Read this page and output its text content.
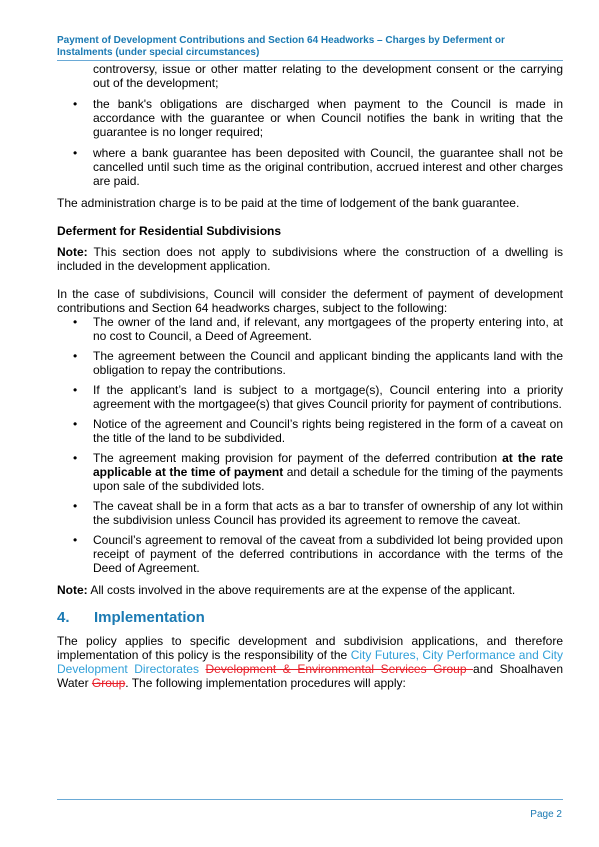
Payment of Development Contributions and Section 64 Headworks – Charges by Deferment or Instalments (under special circumstances)
controversy, issue or other matter relating to the development consent or the carrying out of the development;
• the bank's obligations are discharged when payment to the Council is made in accordance with the guarantee or when Council notifies the bank in writing that the guarantee is no longer required;
• where a bank guarantee has been deposited with Council, the guarantee shall not be cancelled until such time as the original contribution, accrued interest and other charges are paid.

The administration charge is to be paid at the time of lodgement of the bank guarantee.

Deferment for Residential Subdivisions

Note: This section does not apply to subdivisions where the construction of a dwelling is included in the development application.

In the case of subdivisions, Council will consider the deferment of payment of development contributions and Section 64 headworks charges, subject to the following:

• The owner of the land and, if relevant, any mortgagees of the property entering into, at no cost to Council, a Deed of Agreement.
• The agreement between the Council and applicant binding the applicants land with the obligation to repay the contributions.
• If the applicant’s land is subject to a mortgage(s), Council entering into a priority agreement with the mortgagee(s) that gives Council priority for payment of contributions.
• Notice of the agreement and Council’s rights being registered in the form of a caveat on the title of the land to be subdivided.
• The agreement making provision for payment of the deferred contribution at the rate applicable at the time of payment and detail a schedule for the timing of the payments upon sale of the subdivided lots.
• The caveat shall be in a form that acts as a bar to transfer of ownership of any lot within the subdivision unless Council has provided its agreement to remove the caveat.
• Council’s agreement to removal of the caveat from a subdivided lot being provided upon receipt of payment of the deferred contributions in accordance with the terms of the Deed of Agreement.

Note: All costs involved in the above requirements are at the expense of the applicant.

4.	Implementation

The policy applies to specific development and subdivision applications, and therefore implementation of this policy is the responsibility of the City Futures, City Performance and City Development Directorates Development & Environmental Services Group and Shoalhaven Water Group. The following implementation procedures will apply:

Page 2
